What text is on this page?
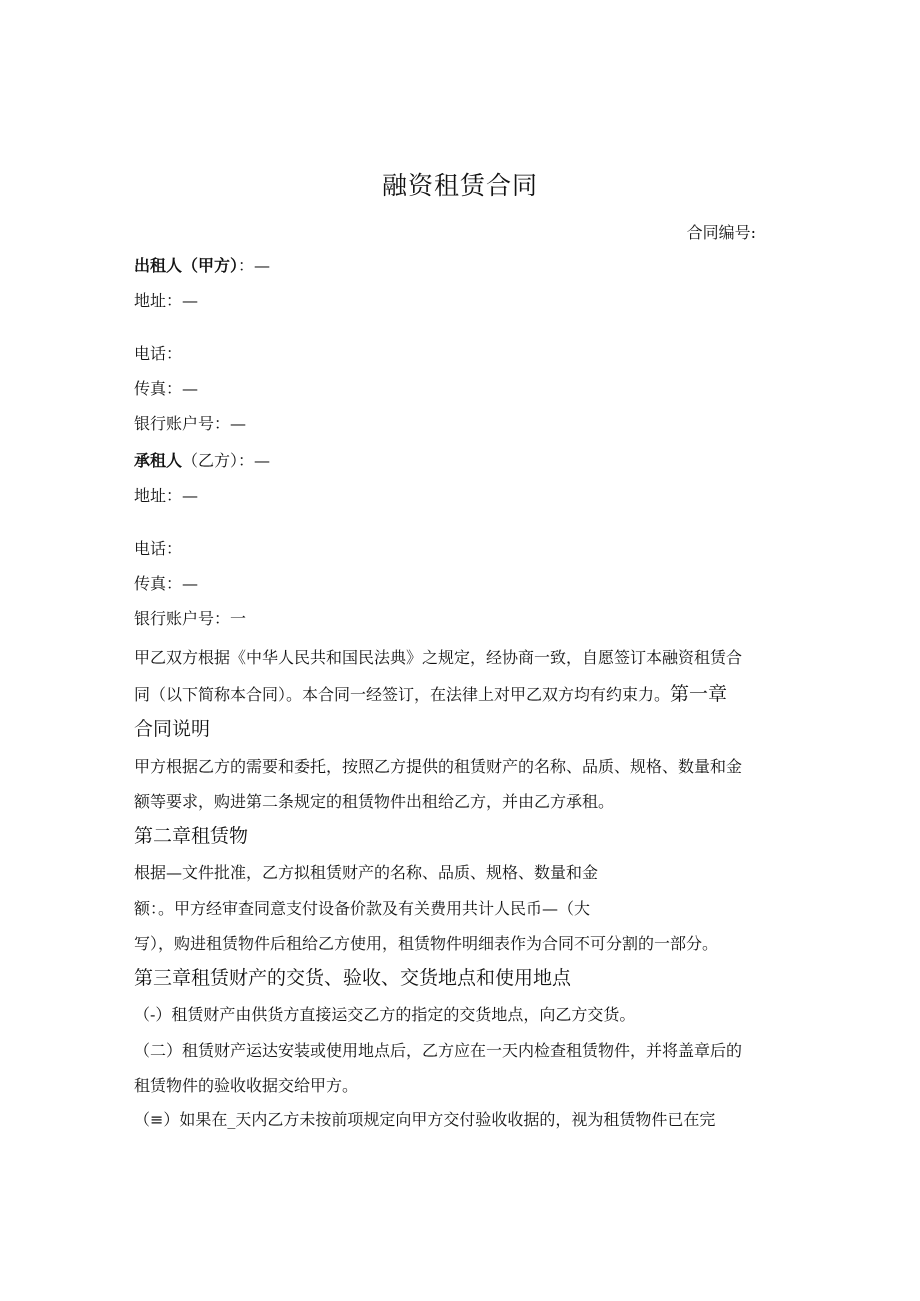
融资租赁合同
合同编号:
出租人（甲方）：—
地址：—
电话：
传真：—
银行账户号：—
承租人（乙方）：—
地址：—
电话：
传真：—
银行账户号：一
甲乙双方根据《中华人民共和国民法典》之规定，经协商一致，自愿签订本融资租赁合
同（以下简称本合同）。本合同一经签订，在法律上对甲乙双方均有约束力。第一章
合同说明
甲方根据乙方的需要和委托，按照乙方提供的租赁财产的名称、品质、规格、数量和金
额等要求，购进第二条规定的租赁物件出租给乙方，并由乙方承租。
第二章租赁物
根据—文件批准，乙方拟租赁财产的名称、品质、规格、数量和金
额：。甲方经审查同意支付设备价款及有关费用共计人民币—（大
写），购进租赁物件后租给乙方使用，租赁物件明细表作为合同不可分割的一部分。
第三章租赁财产的交货、验收、交货地点和使用地点
（-）租赁财产由供货方直接运交乙方的指定的交货地点，向乙方交货。
（二）租赁财产运达安装或使用地点后，乙方应在一天内检查租赁物件，并将盖章后的
租赁物件的验收收据交给甲方。
（≡）如果在_天内乙方未按前项规定向甲方交付验收收据的，视为租赁物件已在完
